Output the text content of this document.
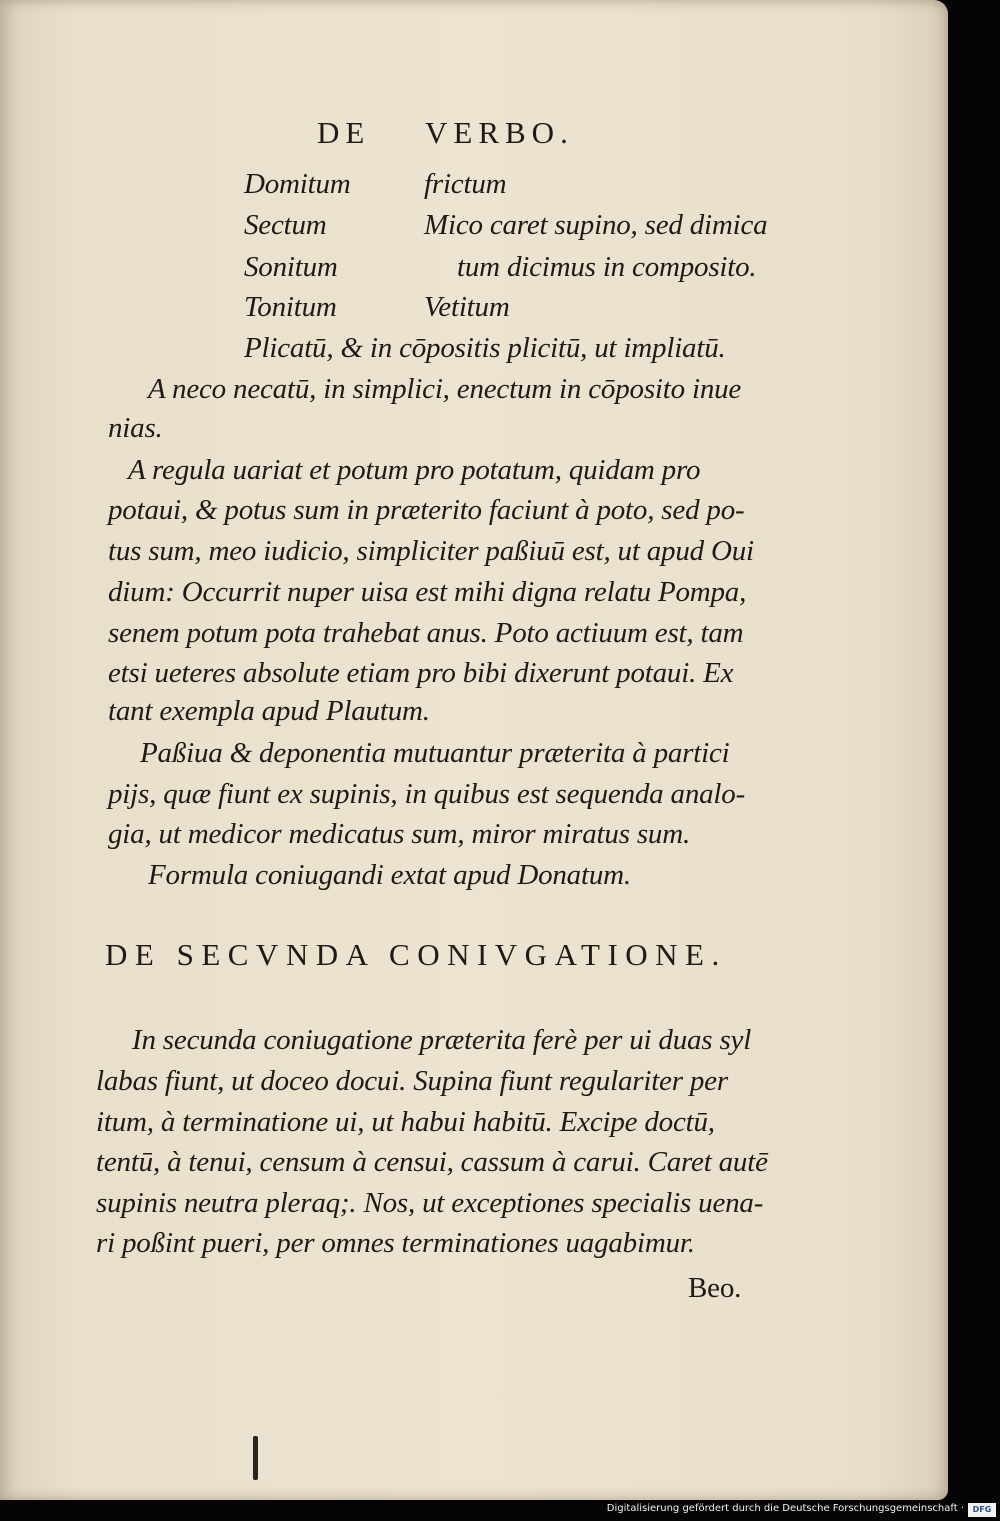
DE VERBO.
Domitum
Sectum
Sonitum
Tonitum
frictum
Mico caret supino, sed dimica
tum dicimus in composito.
Vetitum
Plicatū, & in cōpositis plicitū, ut impliatū.
A neco necatū, in simplici, enectum in cōposito inue
nias.
A regula uariat et potum pro potatum, quidam pro
potaui, & potus sum in præterito faciunt à poto, sed po-
tus sum, meo iudicio, simpliciter paßiuū est, ut apud Oui
dium: Occurrit nuper uisa est mihi digna relatu Pompa,
senem potum pota trahebat anus. Poto actiuum est, tam
etsi ueteres absolute etiam pro bibi dixerunt potaui. Ex
tant exempla apud Plautum.
Paßiua & deponentia mutuantur præterita à partici
pijs, quæ fiunt ex supinis, in quibus est sequenda analo-
gia, ut medicor medicatus sum, miror miratus sum.
Formula coniugandi extat apud Donatum.
DE SECVNDA CONIVGATIONE.
In secunda coniugatione præterita ferè per ui duas syl
labas fiunt, ut doceo docui. Supina fiunt regulariter per
itum, à terminatione ui, ut habui habitū. Excipe doctū,
tentū, à tenui, censum à censui, cassum à carui. Caret autē
supinis neutra pleraq;. Nos, ut exceptiones specialis uena-
ri poßint pueri, per omnes terminationes uagabimur.
Beo.
Digitalisierung gefördert durch die Deutsche Forschungsgemeinschaft ·	DFG
